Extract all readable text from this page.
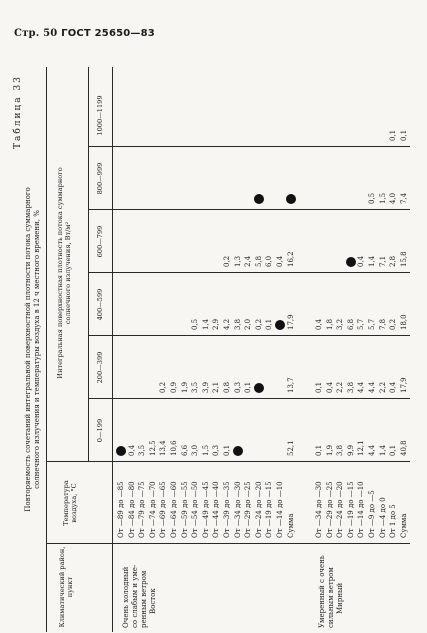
Стр. 50 ГОСТ 25650—83
Таблица 33
Повторяемость сочетаний интегральной поверхностной плотности потока суммарного солнечного излучения и температуры воздуха в 12 ч местного времени, %
Температура воздуха, °С
Климатический район, пункт
Интегральная поверхностная плотность потока суммарного солнечного излучения, Вт/м²
0—199
200—399
400—599
600—799
800—999
1000—1199
Очень холодный со слабым и уме- ренным ветром Восток
От —89 до —85 От —84 до —80 От —79 до —75 От —74 до —70 От —69 до —65 От —64 до —60 От —59 до —55 От —54 до —50 От —49 до —45 От —44 до —40 От —39 до —35 От —34 до —30 От —29 до —25 От —24 до —20 От —19 до —15 От —14 до —10 Сумма
0,4 3,5 12,5 13,4 10,6 6,6 3,0 1,5 0,3 0,1	52,1
0,2 0,9 1,9 3,5 3,9 2,1 0,8 0,3 0,1	13,7
0,5 1,4 2,9 4,2 3,8 2,0 0,2 0,1 17,9
0,2 1,3 2,4 5,8 6,0 0,4 16,2
Умеренный с очень сильным ветром Мирный
От —34 до —30 От —29 до —25 От —24 до —20 От —19 до —15 От —14 до —10 От —9 до —5 От —4 до 0 От 1 до 5 Сумма
0,1 1,9 3,8 9,9 12,1 4,4 1,4 0,1 40,8
0,1 0,4 2,2 3,8 4,4 4,4 2,2 0,4 17,9
0,4 1,8 3,2 6,8 5,7 5,7 7,8 0,2 18,0
0,4 1,4 7,1 2,8 15,8
0,5 1,5 4,0 7,4
0,1 0,1
